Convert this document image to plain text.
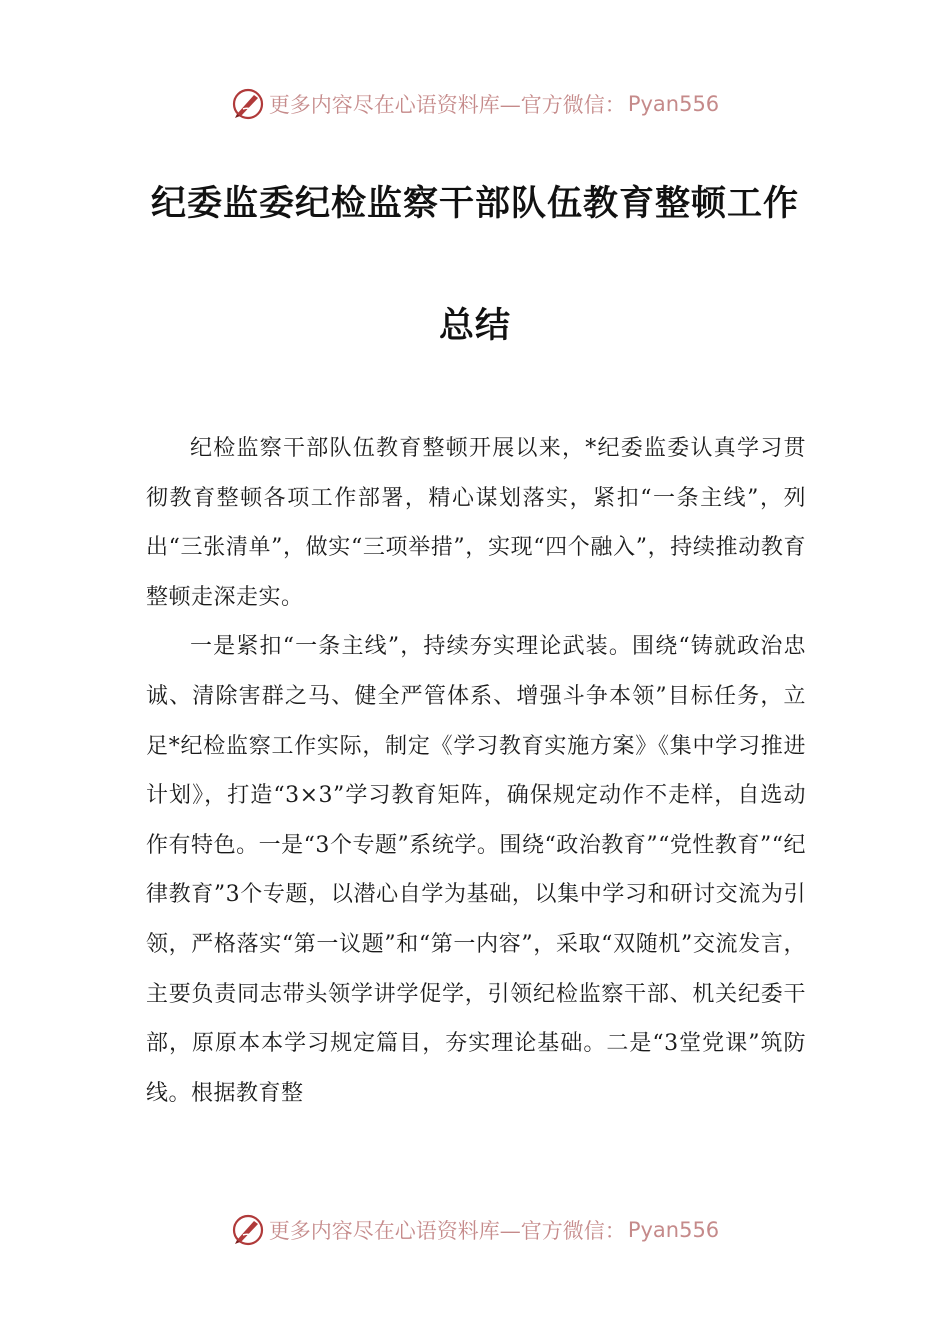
更多内容尽在心语资料库—官方微信： Pyan556
纪委监委纪检监察干部队伍教育整顿工作
总结

纪检监察干部队伍教育整顿开展以来，*纪委监委认真学习贯彻教育整顿各项工作部署，精心谋划落实，紧扣“一条主线”，列出“三张清单”，做实“三项举措”，实现“四个融入”，持续推动教育整顿走深走实。

一是紧扣“一条主线”，持续夯实理论武装。围绕“铸就政治忠诚、清除害群之马、健全严管体系、增强斗争本领”目标任务，立足*纪检监察工作实际，制定《学习教育实施方案》《集中学习推进计划》，打造“3×3”学习教育矩阵，确保规定动作不走样，自选动作有特色。一是“3个专题”系统学。围绕“政治教育”“党性教育”“纪律教育”3个专题，以潜心自学为基础，以集中学习和研讨交流为引领，严格落实“第一议题”和“第一内容”，采取“双随机”交流发言，主要负责同志带头领学讲学促学，引领纪检监察干部、机关纪委干部，原原本本学习规定篇目，夯实理论基础。二是“3堂党课”筑防线。根据教育整

更多内容尽在心语资料库—官方微信： Pyan556
